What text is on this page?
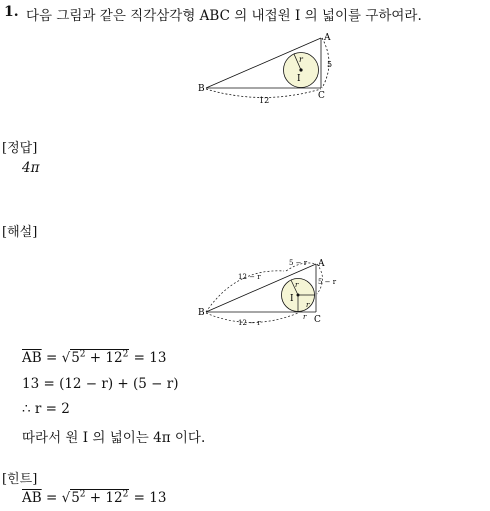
1. 다음 그림과 같은 직각삼각형 ABC 의 내접원 I 의 넓이를 구하여라.
A
B
C
I
r
5
12
[정답]
4π
[해설]
A
B
C
I
r
r
r
12 − r
5 − r
5 − r
12 − r
$\overline{AB} = √5^2 + 12^2 = 13$
13 = (12 − r) + (5 − r)
∴ r = 2
따라서 원 I 의 넓이는 4π 이다.
[힌트]
$\overline{AB} = √5^2 + 12^2 = 13$
